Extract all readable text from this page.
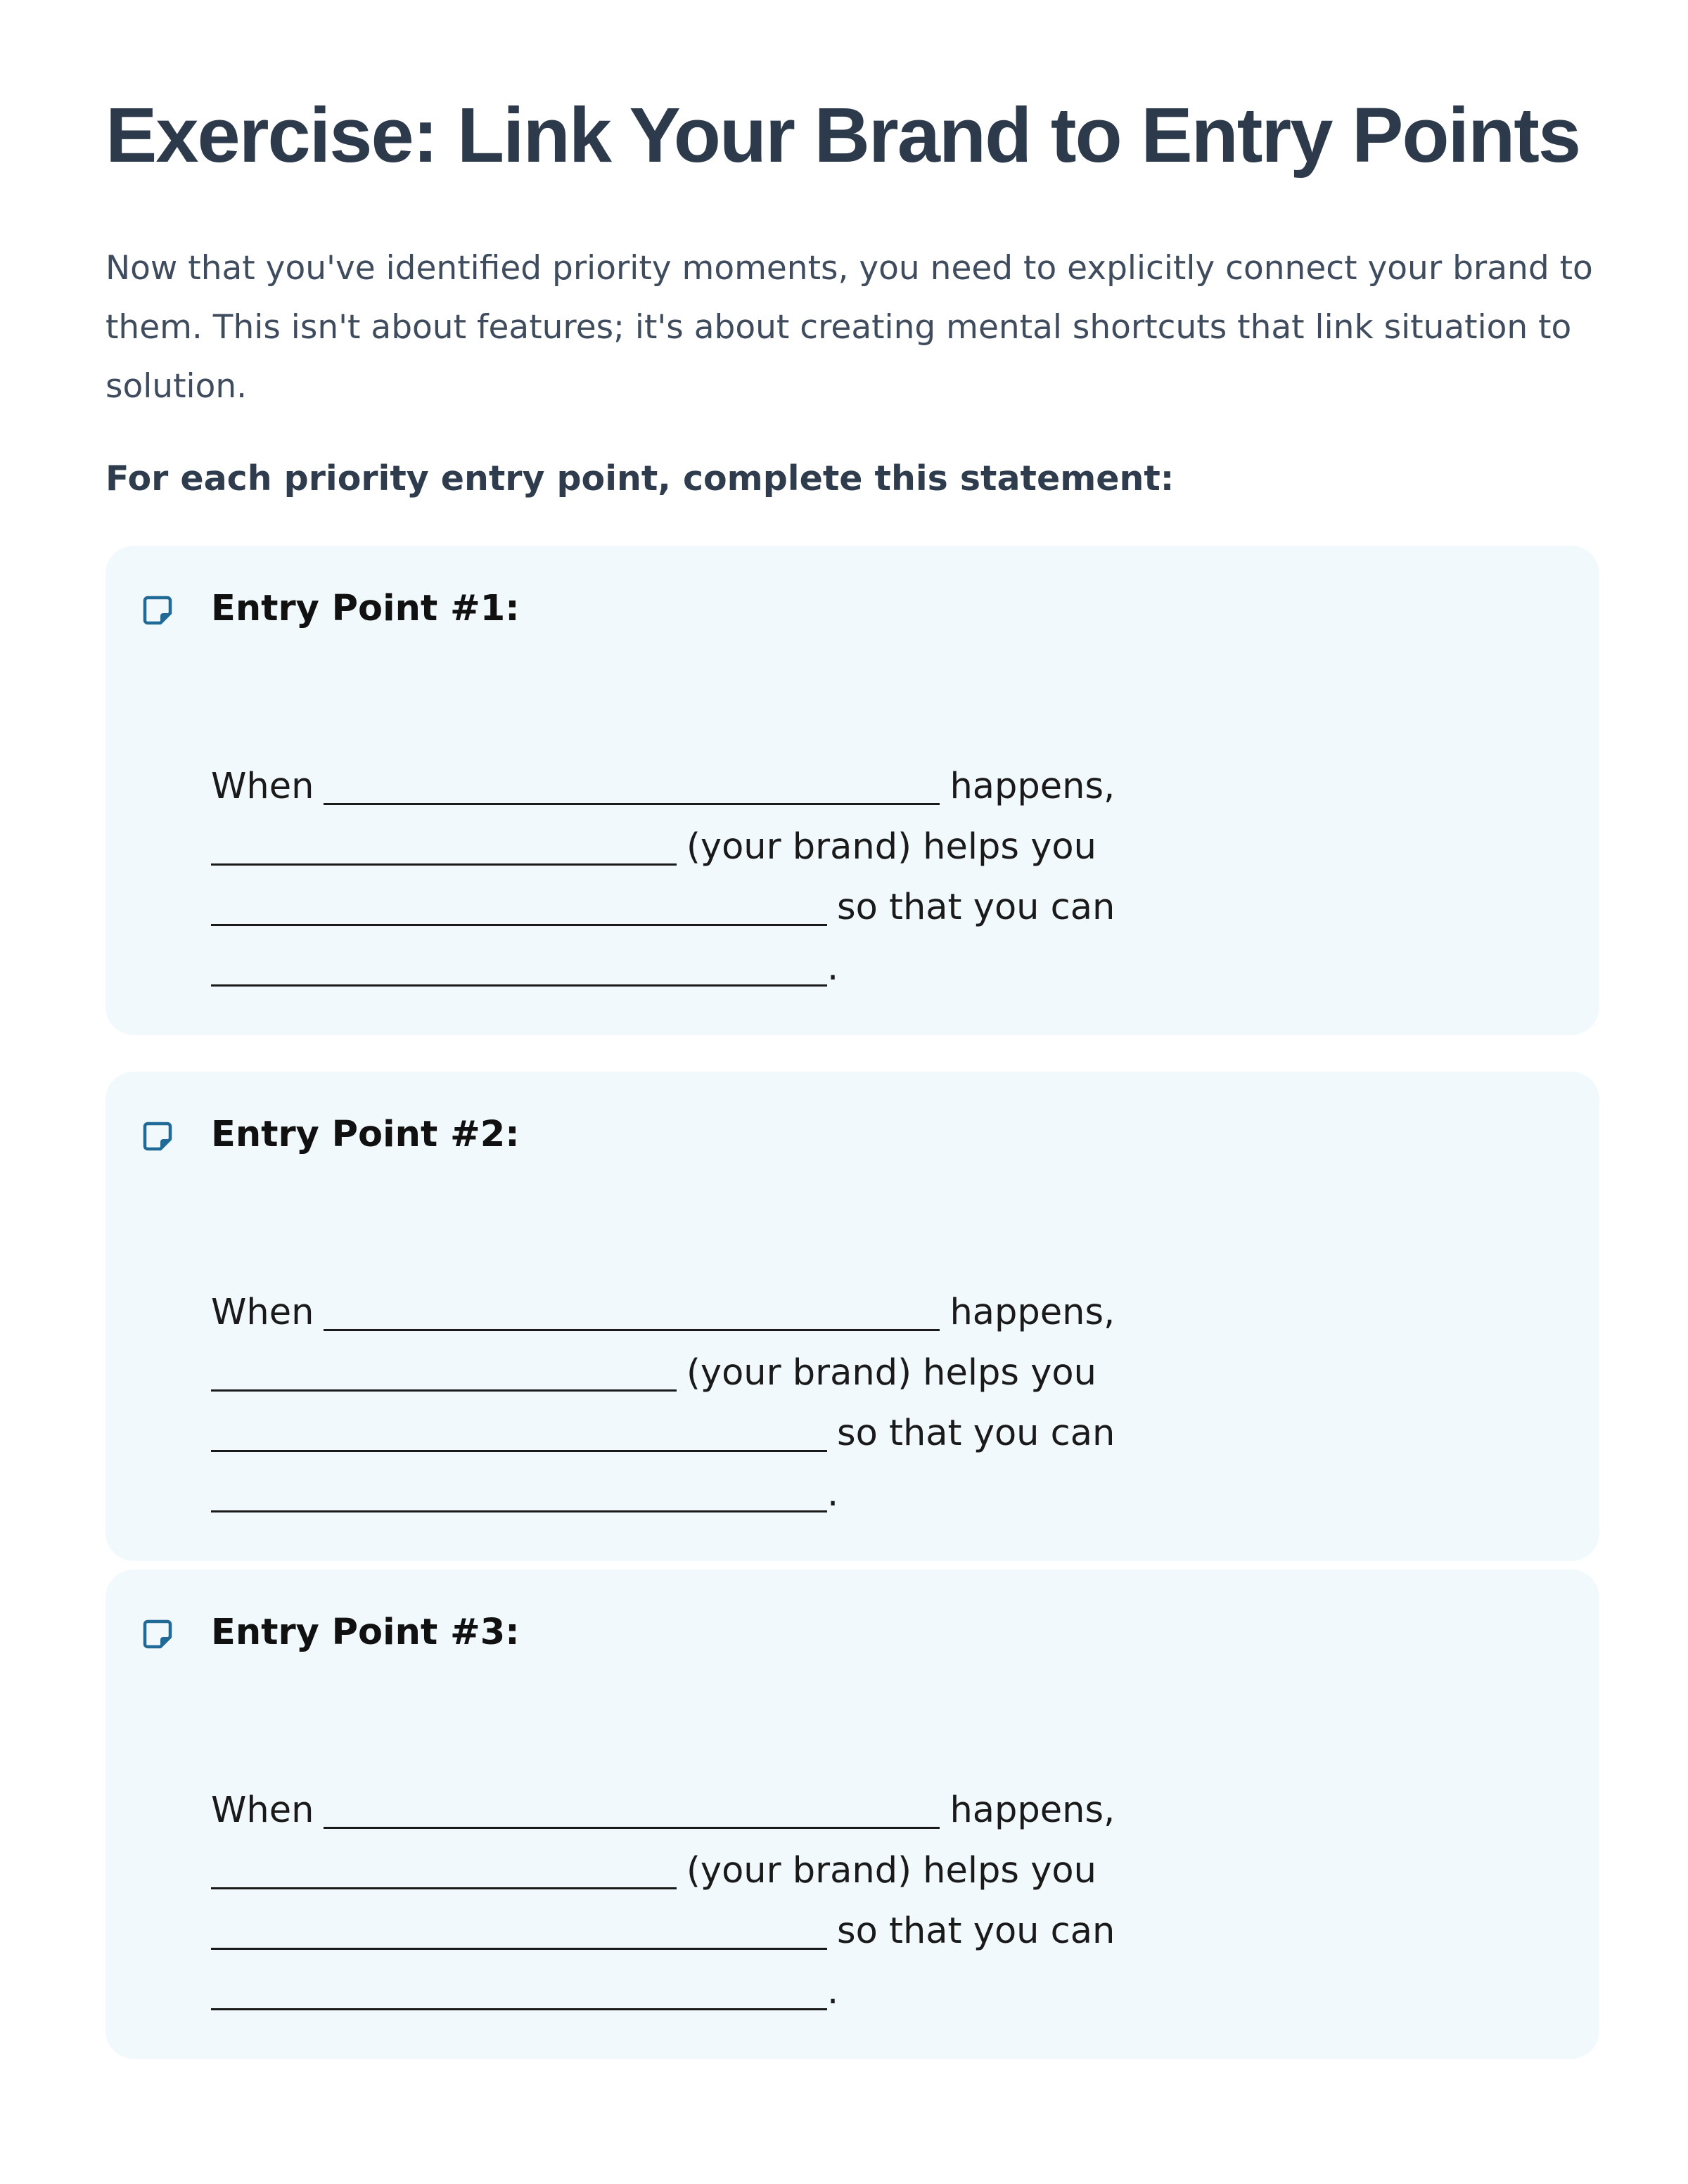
Exercise: Link Your Brand to Entry Points

Now that you've identified priority moments, you need to explicitly connect your brand to them. This isn't about features; it's about creating mental shortcuts that link situation to solution.

For each priority entry point, complete this statement:

Entry Point #1:
When	happens,
(your brand) helps you
so that you can
.
Entry Point #2:
When	happens,
(your brand) helps you
so that you can
.
Entry Point #3:
When	happens,
(your brand) helps you
so that you can
.
